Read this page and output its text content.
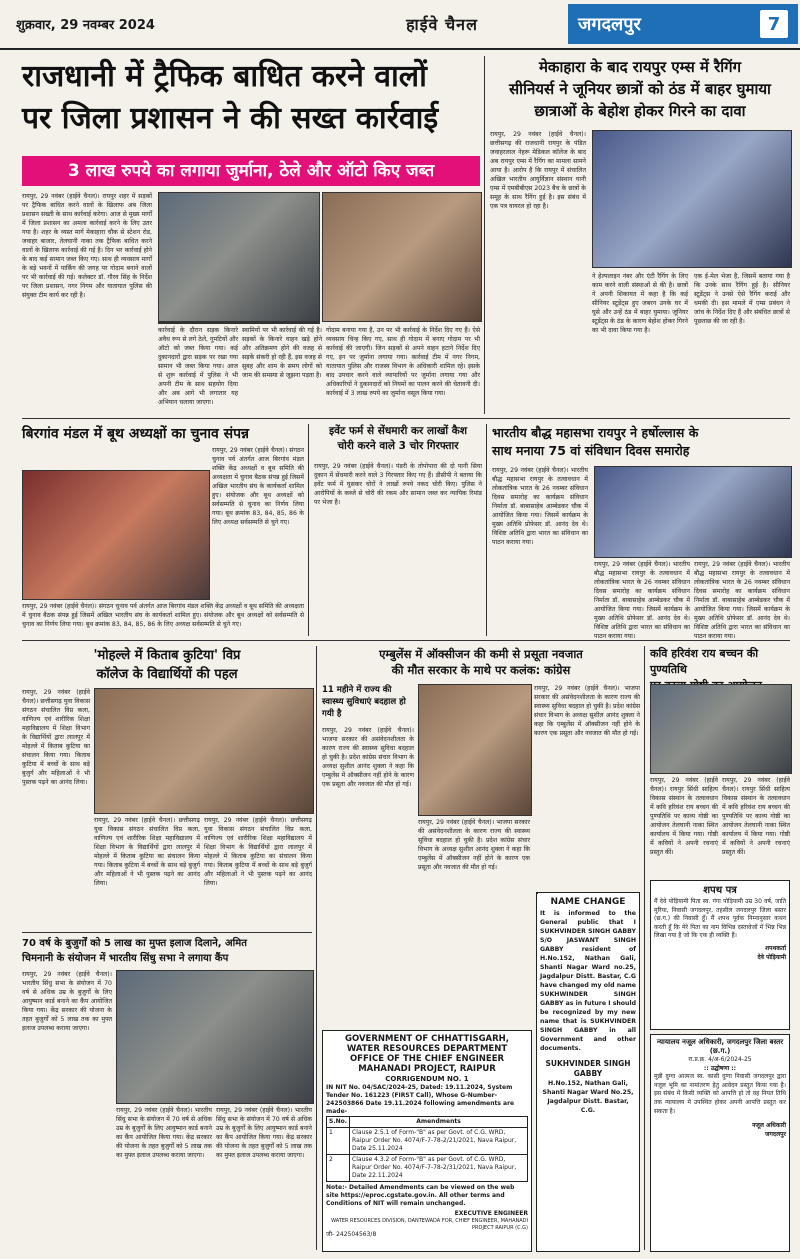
शुक्रवार, 29 नवम्बर 2024	हाईवे चैनल	जगदलपुर	7
राजधानी में ट्रैफिक बाधित करने वालों
पर जिला प्रशासन ने की सख्त कार्रवाई
3 लाख रुपये का लगाया जुर्माना, ठेले और ऑटो किए जब्त
रायपुर, 29 नवंबर (हाईवे चैनल)। रायपुर शहर में सड़कों पर ट्रैफिक बाधित करने वालों के खिलाफ अब जिला प्रशासन सख्ती के साथ कार्रवाई करेगा। आज से मुख्य मार्गों में जिला प्रशासन का अमला कार्रवाई करने के लिए उतर गया है। शहर के व्यस्त मार्ग मेकाहारा चौक से स्टेशन रोड, जवाहर बाजार, तेलघानी नाका तक ट्रैफिक बाधित करने वालों के खिलाफ कार्रवाई की गई है। दिन भर कार्रवाई होने के बाद कई सामान जब्त किए गए। साथ ही व्यवसाय मार्गों के बड़े भवनों में पार्किंग की जगह पर गोदाम बनाने वालों पर भी कार्रवाई की गई। कलेक्टर डॉ. गौरव सिंह के निर्देश पर जिला प्रशासन, नगर निगम और यातायात पुलिस की संयुक्त टीम कार्य कर रही है।
कार्रवाई के दौरान सड़क किनारे अवैध रूप से लगे ठेले, गुमटियों और ऑटो को जब्त किया गया। कई दुकानदारों द्वारा सड़क पर रखा गया सामान भी जब्त किया गया। आज से शुरू कार्रवाई में पुलिस ने भी अपनी टीम के साथ सहयोग दिया और अब आगे भी लगातार यह अभियान चलाया जाएगा।
स्वामियों पर भी कार्रवाई की गई है। सड़कों के किनारे वाहन खड़े होने और अतिक्रमण होने की वजह से सड़कें संकरी हो रही हैं, इस वजह से सुबह और शाम के समय लोगों को जाम की समस्या से जूझना पड़ता है।
गोदाम बनाया गया है, उन पर भी कार्रवाई के निर्देश दिए गए हैं। ऐसे व्यवसाय चिन्ह किए गए, साथ ही गोदाम में बनाए गोदाम पर भी कार्रवाई की जाएगी। जिन सड़कों से अपने वाहन हटाने निर्देश दिए गए, इन पर जुर्माना लगाया गया। कार्रवाई टीम में नगर निगम, यातायात पुलिस और राजस्व विभाग के अधिकारी शामिल रहे। इसके बाद उपचार करने वाले व्यापारियों पर जुर्माना लगाया गया और अधिकारियों ने दुकानदारों को नियमों का पालन करने की चेतावनी दी। कार्रवाई में 3 लाख रुपये का जुर्माना वसूल किया गया।
मेकाहारा के बाद रायपुर एम्स में रैगिंग
सीनियर्स ने जूनियर छात्रों को ठंड में बाहर घुमाया
छात्राओं के बेहोश होकर गिरने का दावा
रायपुर, 29 नवंबर (हाईवे चैनल)। छत्तीसगढ़ की राजधानी रायपुर के पंडित जवाहरलाल नेहरू मेडिकल कॉलेज के बाद अब रायपुर एम्स में रैगिंग का मामला सामने आया है। आरोप है कि रायपुर में संचालित अखिल भारतीय आयुर्विज्ञान संस्थान यानी एम्स में एमबीबीएस 2023 बैच के छात्रों के समूह के साथ रैगिंग हुई है। इस संबंध में एक पत्र वायरल हो रहा है।
ने हेल्पलाइन नंबर और एंटी रैगिंग के लिए काम करने वाली संस्थाओं से की है। छात्रों ने अपनी शिकायत में कहा है कि कई सीनियर स्टूडेंट्स हुए जबरन उनके घर में घुसे और उन्हें ठंड में बाहर घुमाया। जूनियर स्टूडेंट्स के ठंड के कारण बेहोश होकर गिरने का भी दावा किया गया है।
एक ई-मेल भेजा है, जिसमें बताया गया है कि उनके साथ रैगिंग हुई है। सीनियर स्टूडेंट्स ने उनसे ऐसे रैगिंग कराई और धमकी दी। इस मामले में एम्स प्रबंधन ने जांच के निर्देश दिए हैं और संबंधित छात्रों से पूछताछ की जा रही है।
बिरगांव मंडल में बूथ अध्यक्षों का चुनाव संपन्न
रायपुर, 29 नवंबर (हाईवे चैनल)। संगठन चुनाव पर्व अंतर्गत आज बिरगांव मंडल शक्ति केंद्र अध्यक्षों व बूथ समिति की अध्यक्षता में चुनाव बैठक संपन्न हुई जिसमें अखिल भारतीय संघ के कार्यकर्ता शामिल हुए। संयोजक और बूथ अध्यक्षों को सर्वसम्मति से चुनाव का निर्णय लिया गया। बूथ क्रमांक 83, 84, 85, 86 के लिए अध्यक्ष सर्वसम्मति से चुने गए।
रायपुर, 29 नवंबर (हाईवे चैनल)। संगठन चुनाव पर्व अंतर्गत आज बिरगांव मंडल शक्ति केंद्र अध्यक्षों व बूथ समिति की अध्यक्षता में चुनाव बैठक संपन्न हुई जिसमें अखिल भारतीय संघ के कार्यकर्ता शामिल हुए। संयोजक और बूथ अध्यक्षों को सर्वसम्मति से चुनाव का निर्णय लिया गया। बूथ क्रमांक 83, 84, 85, 86 के लिए अध्यक्ष सर्वसम्मति से चुने गए।
इवेंट फर्म से सेंधमारी कर लाखों कैश
चोरी करने वाले 3 चोर गिरफ्तार
रायपुर, 29 नवंबर (हाईवे चैनल)। पंडरी के तोपोपारा की दो पानी सिया दुकान में सेंधमारी करने वाले 3 गिरफ्तार किए गए हैं। डीसीपी ने बताया कि इवेंट फर्म में घुसकर चोरों ने लाखों रुपये नकद चोरी किए। पुलिस ने आरोपियों के कब्जे से चोरी की रकम और सामान जब्त कर न्यायिक रिमांड पर भेजा है।
भारतीय बौद्ध महासभा रायपुर ने हर्षोल्लास के
साथ मनाया 75 वां संविधान दिवस समारोह
रायपुर, 29 नवंबर (हाईवे चैनल)। भारतीय बौद्ध महासभा रायपुर के तत्वावधान में लोकतांत्रिक भारत के 26 नवम्बर संविधान दिवस समारोह का कार्यक्रम संविधान निर्माता डॉ. बाबासाहेब आम्बेडकर चौक में आयोजित किया गया। जिसमें कार्यक्रम के मुख्य अतिथि प्रोफेसर डॉ. आनंद देव थे। विशिष्ट अतिथि द्वारा भारत का संविधान का पाठन कराया गया।
रायपुर, 29 नवंबर (हाईवे चैनल)। भारतीय बौद्ध महासभा रायपुर के तत्वावधान में लोकतांत्रिक भारत के 26 नवम्बर संविधान दिवस समारोह का कार्यक्रम संविधान निर्माता डॉ. बाबासाहेब आम्बेडकर चौक में आयोजित किया गया। जिसमें कार्यक्रम के मुख्य अतिथि प्रोफेसर डॉ. आनंद देव थे। विशिष्ट अतिथि द्वारा भारत का संविधान का पाठन कराया गया।
रायपुर, 29 नवंबर (हाईवे चैनल)। भारतीय बौद्ध महासभा रायपुर के तत्वावधान में लोकतांत्रिक भारत के 26 नवम्बर संविधान दिवस समारोह का कार्यक्रम संविधान निर्माता डॉ. बाबासाहेब आम्बेडकर चौक में आयोजित किया गया। जिसमें कार्यक्रम के मुख्य अतिथि प्रोफेसर डॉ. आनंद देव थे। विशिष्ट अतिथि द्वारा भारत का संविधान का पाठन कराया गया।
'मोहल्ले में किताब कुटिया' विप्र
कॉलेज के विद्यार्थियों की पहल
रायपुर, 29 नवंबर (हाईवे चैनल)। छत्तीसगढ़ युवा विकास संगठन संचालित विप्र कला, वाणिज्य एवं शारीरिक शिक्षा महाविद्यालय में शिक्षा विभाग के विद्यार्थियों द्वारा लालपुर में मोहल्ले में किताब कुटिया का संचालन किया गया। किताब कुटिया में बच्चों के साथ बड़े बुजुर्ग और महिलाओं ने भी पुस्तक पढ़ने का आनंद लिया।
रायपुर, 29 नवंबर (हाईवे चैनल)। छत्तीसगढ़ युवा विकास संगठन संचालित विप्र कला, वाणिज्य एवं शारीरिक शिक्षा महाविद्यालय में शिक्षा विभाग के विद्यार्थियों द्वारा लालपुर में मोहल्ले में किताब कुटिया का संचालन किया गया। किताब कुटिया में बच्चों के साथ बड़े बुजुर्ग और महिलाओं ने भी पुस्तक पढ़ने का आनंद लिया।
रायपुर, 29 नवंबर (हाईवे चैनल)। छत्तीसगढ़ युवा विकास संगठन संचालित विप्र कला, वाणिज्य एवं शारीरिक शिक्षा महाविद्यालय में शिक्षा विभाग के विद्यार्थियों द्वारा लालपुर में मोहल्ले में किताब कुटिया का संचालन किया गया। किताब कुटिया में बच्चों के साथ बड़े बुजुर्ग और महिलाओं ने भी पुस्तक पढ़ने का आनंद लिया।
70 वर्ष के बुजुर्गों को 5 लाख का मुफ्त इलाज दिलाने, अमित
चिमनानी के संयोजन में भारतीय सिंधु सभा ने लगाया कैंप
रायपुर, 29 नवंबर (हाईवे चैनल)। भारतीय सिंधु सभा के संयोजन में 70 वर्ष से अधिक उम्र के बुजुर्गों के लिए आयुष्मान कार्ड बनाने का कैंप आयोजित किया गया। केंद्र सरकार की योजना के तहत बुजुर्गों को 5 लाख तक का मुफ्त इलाज उपलब्ध कराया जाएगा।
रायपुर, 29 नवंबर (हाईवे चैनल)। भारतीय सिंधु सभा के संयोजन में 70 वर्ष से अधिक उम्र के बुजुर्गों के लिए आयुष्मान कार्ड बनाने का कैंप आयोजित किया गया। केंद्र सरकार की योजना के तहत बुजुर्गों को 5 लाख तक का मुफ्त इलाज उपलब्ध कराया जाएगा।
रायपुर, 29 नवंबर (हाईवे चैनल)। भारतीय सिंधु सभा के संयोजन में 70 वर्ष से अधिक उम्र के बुजुर्गों के लिए आयुष्मान कार्ड बनाने का कैंप आयोजित किया गया। केंद्र सरकार की योजना के तहत बुजुर्गों को 5 लाख तक का मुफ्त इलाज उपलब्ध कराया जाएगा।
एम्बुलेंस में ऑक्सीजन की कमी से प्रसूता नवजात
की मौत सरकार के माथे पर कलंक: कांग्रेस
11 महीने में राज्य की स्वास्थ्य सुविधाएं बदहाल हो गयी है
रायपुर, 29 नवंबर (हाईवे चैनल)। भाजपा सरकार की असंवेदनशीलता के कारण राज्य की स्वास्थ्य सुविधा बदहाल हो चुकी है। प्रदेश कांग्रेस संचार विभाग के अध्यक्ष सुशील आनंद शुक्ला ने कहा कि एम्बुलेंस में ऑक्सीजन नहीं होने के कारण एक प्रसूता और नवजात की मौत हो गई।
रायपुर, 29 नवंबर (हाईवे चैनल)। भाजपा सरकार की असंवेदनशीलता के कारण राज्य की स्वास्थ्य सुविधा बदहाल हो चुकी है। प्रदेश कांग्रेस संचार विभाग के अध्यक्ष सुशील आनंद शुक्ला ने कहा कि एम्बुलेंस में ऑक्सीजन नहीं होने के कारण एक प्रसूता और नवजात की मौत हो गई।
रायपुर, 29 नवंबर (हाईवे चैनल)। भाजपा सरकार की असंवेदनशीलता के कारण राज्य की स्वास्थ्य सुविधा बदहाल हो चुकी है। प्रदेश कांग्रेस संचार विभाग के अध्यक्ष सुशील आनंद शुक्ला ने कहा कि एम्बुलेंस में ऑक्सीजन नहीं होने के कारण एक प्रसूता और नवजात की मौत हो गई।
GOVERNMENT OF CHHATTISGARH,
WATER RESOURCES DEPARTMENT
OFFICE OF THE CHIEF ENGINEER
MAHANADI PROJECT, RAIPUR
CORRIGENDUM NO. 1
IN NIT No. 04/SAC/2024-25, Dated: 19.11.2024, System Tender No. 161223 (FIRST Call), Whose G-Number-242503866 Date 19.11.2024 following amendments are made-
S.No.	Amendments
1	Clause 2.5.1 of Form-"B" as per Govt. of C.G. WRD, Raipur Order No. 4074/F-7-78-2/21/2021, Nava Raipur, Date 25.11.2024
2	Clause 4.3.2 of Form-"B" as per Govt. of C.G. WRD, Raipur Order No. 4074/F-7-78-2/31/2021, Nava Raipur, Date 22.11.2024
Note:- Detailed Amendments can be viewed on the web site https://eproc.cgstate.gov.in. All other terms and Conditions of NIT will remain unchanged.
EXECUTIVE ENGINEER
WATER RESOURCES DIVISION, DANTEWADA FOR, CHIEF ENGINEER, MAHANADI PROJECT RAIPUR (C.G)
जी- 242504563/8
NAME CHANGE
It is informed to the General public that I SUKHVINDER SINGH GABBY S/O JASWANT SINGH GABBY resident of H.No.152, Nathan Gali, Shanti Nagar Ward no.25, Jagdalpur Distt. Bastar, C.G have changed my old name SUKHWINDER SINGH GABBY as in future I should be recognized by my new name that is SUKHVINDER SINGH GABBY in all Government and other documents.
SUKHVINDER SINGH GABBY
H.No.152, Nathan Gali, Shanti Nagar Ward No.25, Jagdalpur Distt. Bastar, C.G.
कवि हरिवंश राय बच्चन की पुण्यतिथि
रायपुर, 29 नवंबर (हाईवे चैनल)। रायपुर सिंधी साहित्य विकास संस्थान के तत्वावधान में कवि हरिवंश राय बच्चन की पुण्यतिथि पर काव्य गोष्ठी का आयोजन तेलघानी नाका स्थित कार्यालय में किया गया। गोष्ठी में कवियों ने अपनी रचनाएं प्रस्तुत कीं।
रायपुर, 29 नवंबर (हाईवे चैनल)। रायपुर सिंधी साहित्य विकास संस्थान के तत्वावधान में कवि हरिवंश राय बच्चन की पुण्यतिथि पर काव्य गोष्ठी का आयोजन तेलघानी नाका स्थित कार्यालय में किया गया। गोष्ठी में कवियों ने अपनी रचनाएं प्रस्तुत कीं।
शपथ पत्र
मैं देवे पोड़ियामी पिता स्व. गंगा पोड़ियामी उम्र 30 वर्ष, जाति मुरिया, निवासी जगदलपुर, तहसील जगदलपुर जिला बस्तर (छ.ग.) की निवासी हूँ। मैं शपथ पूर्वक निम्नानुसार कथन करती हूँ कि मेरे पिता का नाम विभिन्न दस्तावेजों में भिन्न भिन्न लिखा गया है जो कि एक ही व्यक्ति हैं।
शपथकर्ता
देवे पोड़ियामी
न्यायालय नजूल अधिकारी, जगदलपुर जिला बस्तर (छ.ग.)
रा.प्र.क्र. 4/अ-6/2024-25
:: उद्घोषणा ::
मुन्नी दुग्गा आत्मज स्व. कासी दुग्गा निवासी जगदलपुर द्वारा नजूल भूमि का नामांतरण हेतु आवेदन प्रस्तुत किया गया है। इस संबंध में किसी व्यक्ति को आपत्ति हो तो वह नियत तिथि तक न्यायालय में उपस्थित होकर अपनी आपत्ति प्रस्तुत कर सकता है।
नजूल अधिकारी
जगदलपुर
